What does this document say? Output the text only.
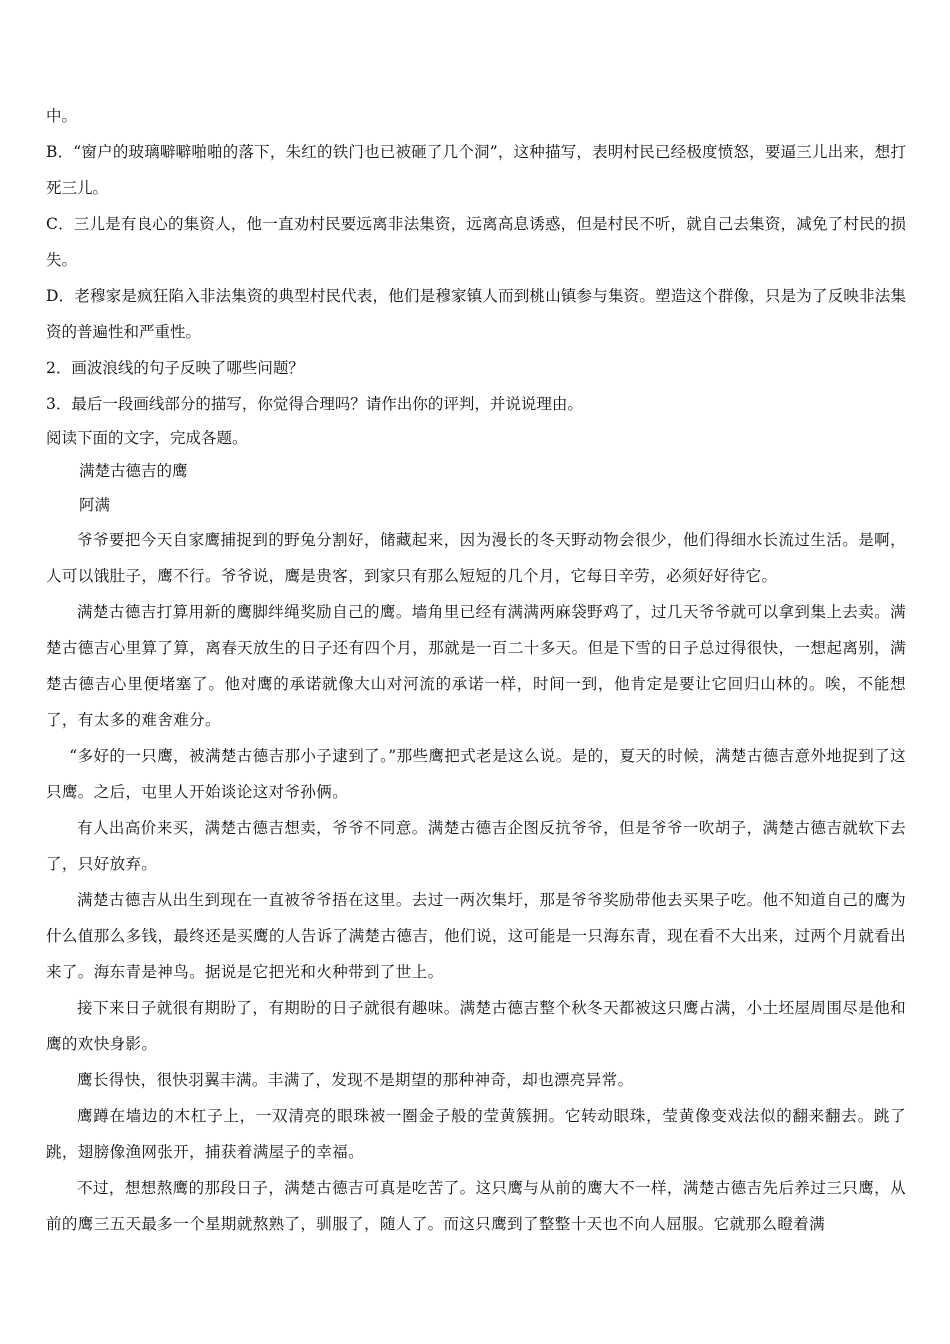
中。

B．“窗户的玻璃噼噼啪啪的落下，朱红的铁门也已被砸了几个洞”，这种描写，表明村民已经极度愤怒，要逼三儿出来，想打死三儿。

C．三儿是有良心的集资人，他一直劝村民要远离非法集资，远离高息诱惑，但是村民不听，就自己去集资，减免了村民的损失。

D．老穆家是疯狂陷入非法集资的典型村民代表，他们是穆家镇人而到桃山镇参与集资。塑造这个群像，只是为了反映非法集资的普遍性和严重性。

2．画波浪线的句子反映了哪些问题？

3．最后一段画线部分的描写，你觉得合理吗？请作出你的评判，并说说理由。

阅读下面的文字，完成各题。

满楚古德吉的鹰

阿满

爷爷要把今天自家鹰捕捉到的野兔分割好，储藏起来，因为漫长的冬天野动物会很少，他们得细水长流过生活。是啊，人可以饿肚子，鹰不行。爷爷说，鹰是贵客，到家只有那么短短的几个月，它每日辛劳，必须好好待它。

满楚古德吉打算用新的鹰脚绊绳奖励自己的鹰。墙角里已经有满满两麻袋野鸡了，过几天爷爷就可以拿到集上去卖。满楚古德吉心里算了算，离春天放生的日子还有四个月，那就是一百二十多天。但是下雪的日子总过得很快，一想起离别，满楚古德吉心里便堵塞了。他对鹰的承诺就像大山对河流的承诺一样，时间一到，他肯定是要让它回归山林的。唉，不能想了，有太多的难舍难分。

“多好的一只鹰，被满楚古德吉那小子逮到了。”那些鹰把式老是这么说。是的，夏天的时候，满楚古德吉意外地捉到了这只鹰。之后，屯里人开始谈论这对爷孙俩。

有人出高价来买，满楚古德吉想卖，爷爷不同意。满楚古德吉企图反抗爷爷，但是爷爷一吹胡子，满楚古德吉就软下去了，只好放弃。

满楚古德吉从出生到现在一直被爷爷捂在这里。去过一两次集圩，那是爷爷奖励带他去买果子吃。他不知道自己的鹰为什么值那么多钱，最终还是买鹰的人告诉了满楚古德吉，他们说，这可能是一只海东青，现在看不大出来，过两个月就看出来了。海东青是神鸟。据说是它把光和火种带到了世上。

接下来日子就很有期盼了，有期盼的日子就很有趣味。满楚古德吉整个秋冬天都被这只鹰占满，小土坯屋周围尽是他和鹰的欢快身影。

鹰长得快，很快羽翼丰满。丰满了，发现不是期望的那种神奇，却也漂亮异常。

鹰蹲在墙边的木杠子上，一双清亮的眼珠被一圈金子般的莹黄簇拥。它转动眼珠，莹黄像变戏法似的翻来翻去。跳了跳，翅膀像渔网张开，捕获着满屋子的幸福。

不过，想想熬鹰的那段日子，满楚古德吉可真是吃苦了。这只鹰与从前的鹰大不一样，满楚古德吉先后养过三只鹰，从前的鹰三五天最多一个星期就熬熟了，驯服了，随人了。而这只鹰到了整整十天也不向人屈服。它就那么瞪着满
